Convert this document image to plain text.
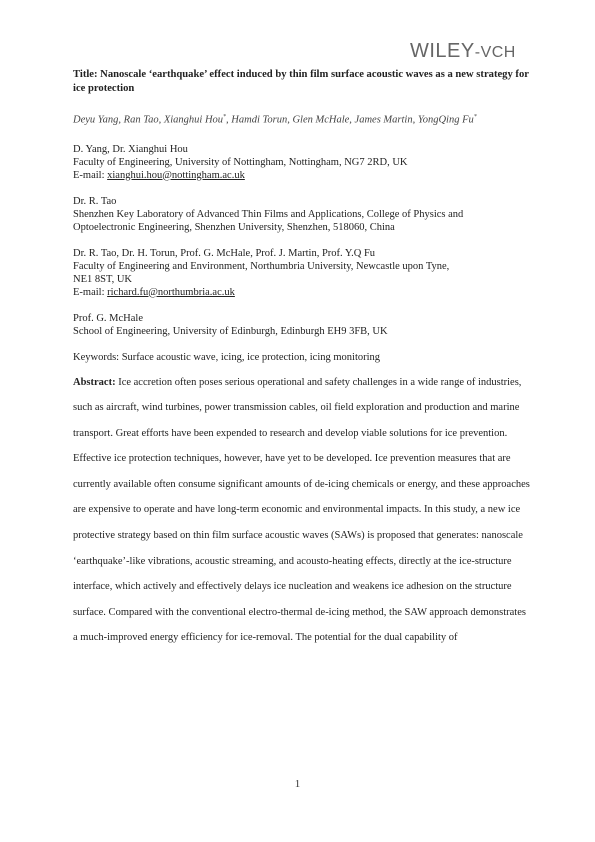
WILEY-VCH

Title: Nanoscale ‘earthquake’ effect induced by thin film surface acoustic waves as a new strategy for ice protection

Deyu Yang, Ran Tao, Xianghui Hou*, Hamdi Torun, Glen McHale, James Martin, YongQing Fu*

D. Yang, Dr. Xianghui Hou
Faculty of Engineering, University of Nottingham, Nottingham, NG7 2RD, UK
E-mail: xianghui.hou@nottingham.ac.uk
Dr. R. Tao
Shenzhen Key Laboratory of Advanced Thin Films and Applications, College of Physics and
Optoelectronic Engineering, Shenzhen University, Shenzhen, 518060, China
Dr. R. Tao, Dr. H. Torun, Prof. G. McHale, Prof. J. Martin, Prof. Y.Q Fu
Faculty of Engineering and Environment, Northumbria University, Newcastle upon Tyne,
NE1 8ST, UK
E-mail: richard.fu@northumbria.ac.uk
Prof. G. McHale
School of Engineering, University of Edinburgh, Edinburgh EH9 3FB, UK

Keywords: Surface acoustic wave, icing, ice protection, icing monitoring

Abstract: Ice accretion often poses serious operational and safety challenges in a wide range of industries, such as aircraft, wind turbines, power transmission cables, oil field exploration and production and marine transport. Great efforts have been expended to research and develop viable solutions for ice prevention. Effective ice protection techniques, however, have yet to be developed. Ice prevention measures that are currently available often consume significant amounts of de-icing chemicals or energy, and these approaches are expensive to operate and have long-term economic and environmental impacts. In this study, a new ice protective strategy based on thin film surface acoustic waves (SAWs) is proposed that generates: nanoscale ‘earthquake’-like vibrations, acoustic streaming, and acousto-heating effects, directly at the ice-structure interface, which actively and effectively delays ice nucleation and weakens ice adhesion on the structure surface. Compared with the conventional electro-thermal de-icing method, the SAW approach demonstrates a much-improved energy efficiency for ice-removal. The potential for the dual capability of

1
